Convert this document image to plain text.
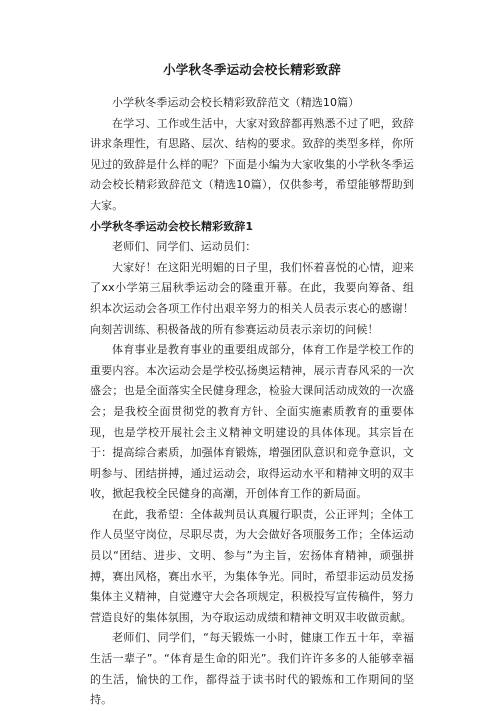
小学秋冬季运动会校长精彩致辞

小学秋冬季运动会校长精彩致辞范文（精选10篇）

在学习、工作或生活中，大家对致辞都再熟悉不过了吧，致辞讲求条理性，有思路、层次、结构的要求。致辞的类型多样，你所见过的致辞是什么样的呢？下面是小编为大家收集的小学秋冬季运动会校长精彩致辞范文（精选10篇），仅供参考，希望能够帮助到大家。

小学秋冬季运动会校长精彩致辞1

老师们、同学们、运动员们：

大家好！在这阳光明媚的日子里，我们怀着喜悦的心情，迎来了xx小学第三届秋季运动会的隆重开幕。在此，我要向筹备、组织本次运动会各项工作付出艰辛努力的相关人员表示衷心的感谢！向刻苦训练、积极备战的所有参赛运动员表示亲切的问候！

体育事业是教育事业的重要组成部分，体育工作是学校工作的重要内容。本次运动会是学校弘扬奥运精神，展示青春风采的一次盛会；也是全面落实全民健身理念，检验大课间活动成效的一次盛会；是我校全面贯彻党的教育方针、全面实施素质教育的重要体现，也是学校开展社会主义精神文明建设的具体体现。其宗旨在于：提高综合素质，加强体育锻炼，增强团队意识和竞争意识，文明参与、团结拼搏，通过运动会，取得运动水平和精神文明的双丰收，掀起我校全民健身的高潮，开创体育工作的新局面。

在此，我希望：全体裁判员认真履行职责，公正评判；全体工作人员坚守岗位，尽职尽责，为大会做好各项服务工作；全体运动员以“团结、进步、文明、参与”为主旨，宏扬体育精神，顽强拼搏，赛出风格，赛出水平，为集体争光。同时，希望非运动员发扬集体主义精神，自觉遵守大会各项规定，积极投写宣传稿件，努力营造良好的集体氛围，为夺取运动成绩和精神文明双丰收做贡献。

老师们、同学们，“每天锻炼一小时，健康工作五十年，幸福生活一辈子”。“体育是生命的阳光”。我们许许多多的人能够幸福的生活，愉快的工作，都得益于读书时代的锻炼和工作期间的坚持。
